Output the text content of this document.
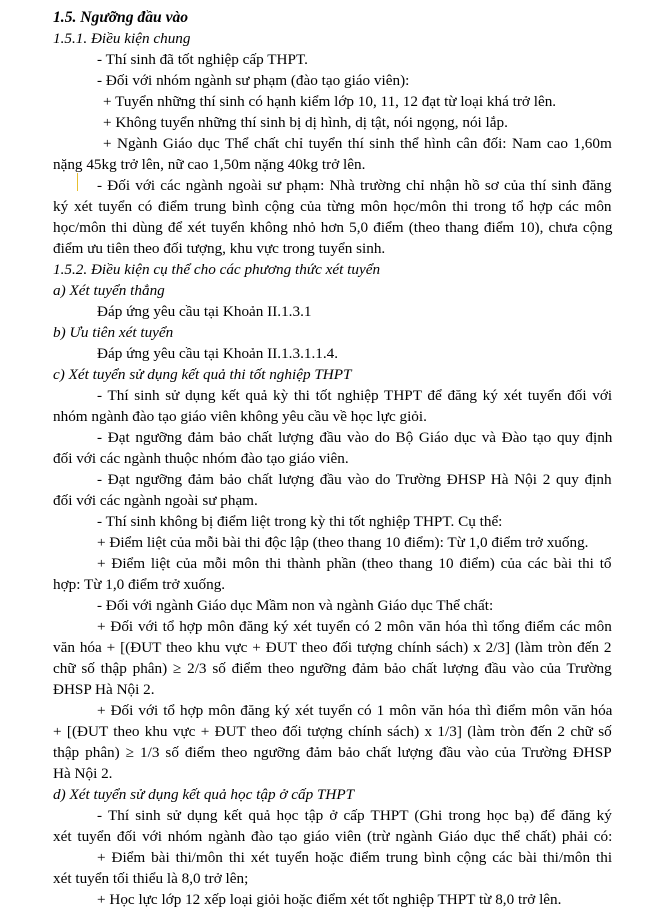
1.5. Ngưỡng đầu vào
1.5.1. Điều kiện chung
- Thí sinh đã tốt nghiệp cấp THPT.
- Đối với nhóm ngành sư phạm (đào tạo giáo viên):
+ Tuyển những thí sinh có hạnh kiểm lớp 10, 11, 12 đạt từ loại khá trở lên.
+ Không tuyển những thí sinh bị dị hình, dị tật, nói ngọng, nói lắp.
+ Ngành Giáo dục Thể chất chỉ tuyển thí sinh thể hình cân đối: Nam cao 1,60m
nặng 45kg trở lên, nữ cao 1,50m nặng 40kg trở lên.
- Đối với các ngành ngoài sư phạm: Nhà trường chỉ nhận hồ sơ của thí sinh đăng
ký xét tuyển có điểm trung bình cộng của từng môn học/môn thi trong tổ hợp các môn
học/môn thi dùng để xét tuyển không nhỏ hơn 5,0 điểm (theo thang điểm 10), chưa cộng
điểm ưu tiên theo đối tượng, khu vực trong tuyển sinh.
1.5.2. Điều kiện cụ thể cho các phương thức xét tuyển
a) Xét tuyển thẳng
Đáp ứng yêu cầu tại Khoản II.1.3.1
b) Ưu tiên xét tuyển
Đáp ứng yêu cầu tại Khoản II.1.3.1.1.4.
c) Xét tuyển sử dụng kết quả thi tốt nghiệp THPT
- Thí sinh sử dụng kết quả kỳ thi tốt nghiệp THPT để đăng ký xét tuyển đối với
nhóm ngành đào tạo giáo viên không yêu cầu về học lực giỏi.
- Đạt ngưỡng đảm bảo chất lượng đầu vào do Bộ Giáo dục và Đào tạo quy định
đối với các ngành thuộc nhóm đào tạo giáo viên.
- Đạt ngưỡng đảm bảo chất lượng đầu vào do Trường ĐHSP Hà Nội 2 quy định
đối với các ngành ngoài sư phạm.
- Thí sinh không bị điểm liệt trong kỳ thi tốt nghiệp THPT. Cụ thể:
+ Điểm liệt của mỗi bài thi độc lập (theo thang 10 điểm): Từ 1,0 điểm trở xuống.
+ Điểm liệt của mỗi môn thi thành phần (theo thang 10 điểm) của các bài thi tổ
hợp: Từ 1,0 điểm trở xuống.
- Đối với ngành Giáo dục Mầm non và ngành Giáo dục Thể chất:
+ Đối với tổ hợp môn đăng ký xét tuyển có 2 môn văn hóa thì tổng điểm các môn
văn hóa + [(ĐUT theo khu vực + ĐUT theo đối tượng chính sách) x 2/3] (làm tròn đến 2
chữ số thập phân) ≥ 2/3 số điểm theo ngưỡng đảm bảo chất lượng đầu vào của Trường
ĐHSP Hà Nội 2.
+ Đối với tổ hợp môn đăng ký xét tuyển có 1 môn văn hóa thì điểm môn văn hóa
+ [(ĐUT theo khu vực + ĐUT theo đối tượng chính sách) x 1/3] (làm tròn đến 2 chữ số
thập phân) ≥ 1/3 số điểm theo ngưỡng đảm bảo chất lượng đầu vào của Trường ĐHSP
Hà Nội 2.
d) Xét tuyển sử dụng kết quả học tập ở cấp THPT
- Thí sinh sử dụng kết quả học tập ở cấp THPT (Ghi trong học bạ) để đăng ký
xét tuyển đối với nhóm ngành đào tạo giáo viên (trừ ngành Giáo dục thể chất) phải có:
+ Điểm bài thi/môn thi xét tuyển hoặc điểm trung bình cộng các bài thi/môn thi
xét tuyển tối thiểu là 8,0 trở lên;
+ Học lực lớp 12 xếp loại giỏi hoặc điểm xét tốt nghiệp THPT từ 8,0 trở lên.
